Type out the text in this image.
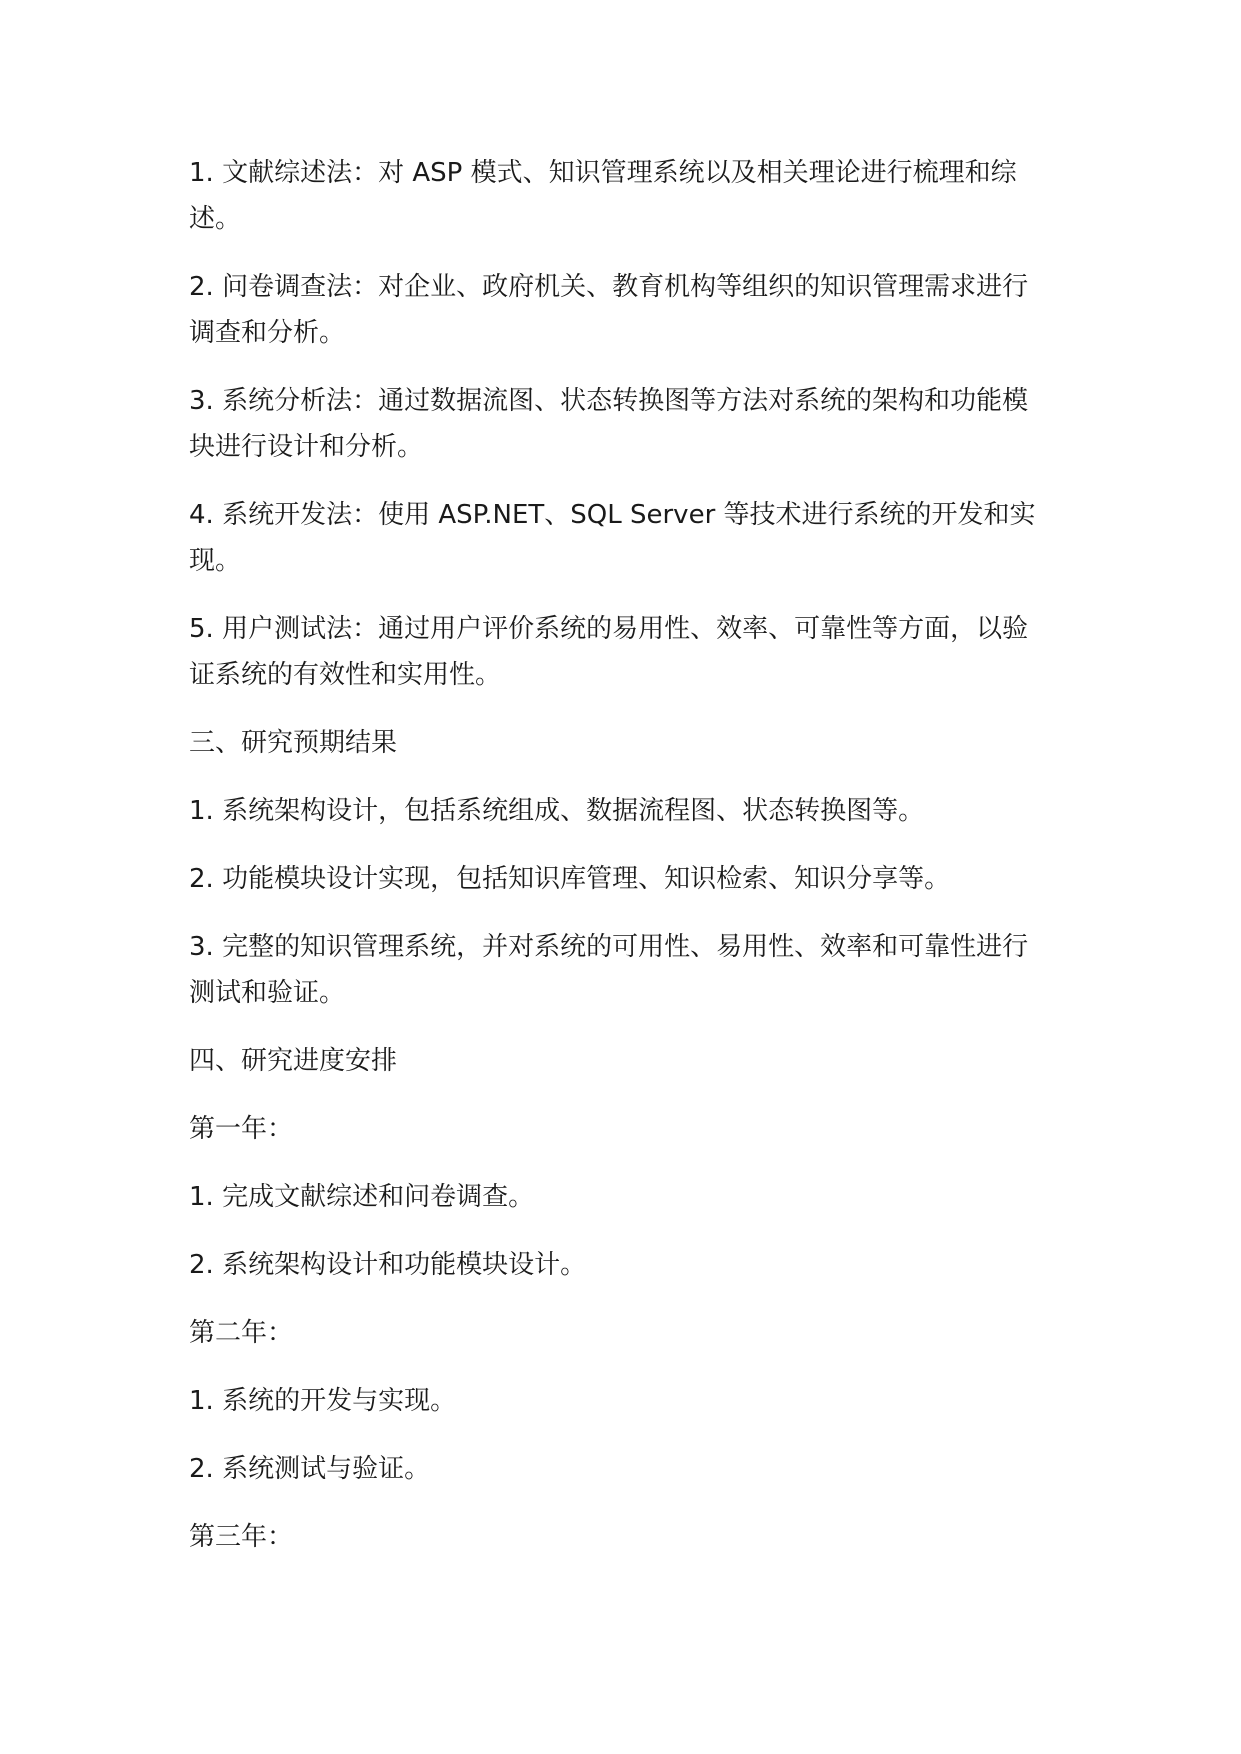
1. 文献综述法：对 ASP 模式、知识管理系统以及相关理论进行梳理和综述。

2. 问卷调查法：对企业、政府机关、教育机构等组织的知识管理需求进行调查和分析。

3. 系统分析法：通过数据流图、状态转换图等方法对系统的架构和功能模块进行设计和分析。

4. 系统开发法：使用 ASP.NET、SQL Server 等技术进行系统的开发和实现。

5. 用户测试法：通过用户评价系统的易用性、效率、可靠性等方面，以验证系统的有效性和实用性。

三、研究预期结果

1. 系统架构设计，包括系统组成、数据流程图、状态转换图等。

2. 功能模块设计实现，包括知识库管理、知识检索、知识分享等。

3. 完整的知识管理系统，并对系统的可用性、易用性、效率和可靠性进行测试和验证。

四、研究进度安排

第一年：

1. 完成文献综述和问卷调查。

2. 系统架构设计和功能模块设计。

第二年：

1. 系统的开发与实现。

2. 系统测试与验证。

第三年：
